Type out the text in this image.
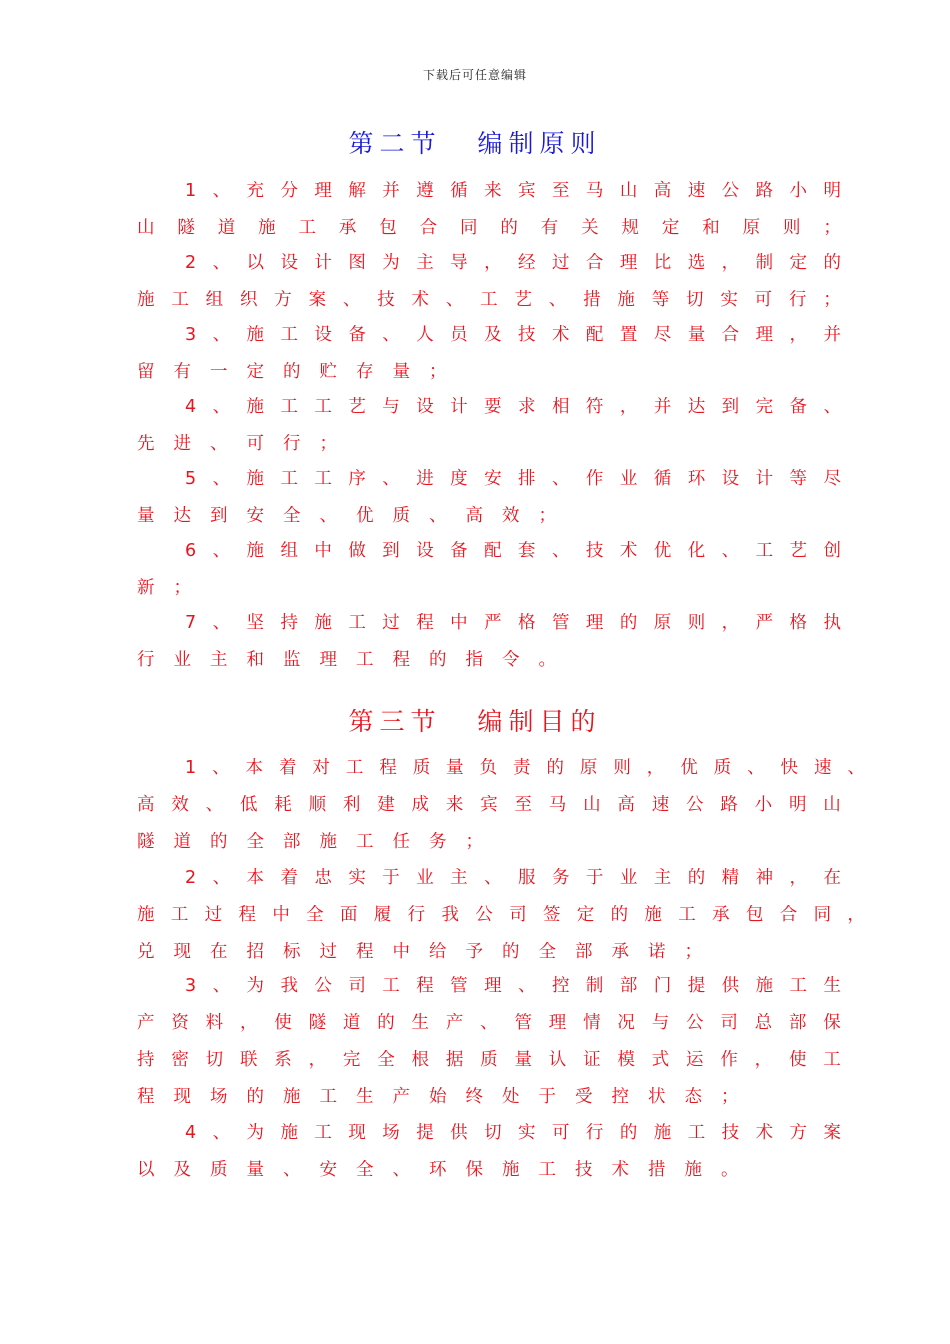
下载后可任意编辑
第二节 编制原则

1 、 充 分 理 解 并 遵 循 来 宾 至 马 山 高 速 公 路 小 明
山 隧 道 施 工 承 包 合 同 的 有 关 规 定 和 原 则 ；

2 、 以 设 计 图 为 主 导 ， 经 过 合 理 比 选 ， 制 定 的
施 工 组 织 方 案 、 技 术 、 工 艺 、 措 施 等 切 实 可 行 ；

3 、 施 工 设 备 、 人 员 及 技 术 配 置 尽 量 合 理 ， 并
留有一定的贮存量；

4 、 施 工 工 艺 与 设 计 要 求 相 符 ， 并 达 到 完 备 、
先进、可行；

5 、 施 工 工 序 、 进 度 安 排 、 作 业 循 环 设 计 等 尽
量达到安全、优质、高效；

6 、 施 组 中 做 到 设 备 配 套 、 技 术 优 化 、 工 艺 创
新；

7 、 坚 持 施 工 过 程 中 严 格 管 理 的 原 则 ， 严 格 执
行业主和监理工程的指令。

第三节 编制目的

1 、 本 着 对 工 程 质 量 负 责 的 原 则 ， 优 质 、 快 速 、
高 效 、 低 耗 顺 利 建 成 来 宾 至 马 山 高 速 公 路 小 明 山
隧道的全部施工任务；

2 、 本 着 忠 实 于 业 主 、 服 务 于 业 主 的 精 神 ， 在
施 工 过 程 中 全 面 履 行 我 公 司 签 定 的 施 工 承 包 合 同 ，
兑现在招标过程中给予的全部承诺；

3 、 为 我 公 司 工 程 管 理 、 控 制 部 门 提 供 施 工 生
产 资 料 ， 使 隧 道 的 生 产 、 管 理 情 况 与 公 司 总 部 保
持 密 切 联 系 ， 完 全 根 据 质 量 认 证 模 式 运 作 ， 使 工
程现场的施工生产始终处于受控状态；

4 、 为 施 工 现 场 提 供 切 实 可 行 的 施 工 技 术 方 案
以及质量、安全、环保施工技术措施。
